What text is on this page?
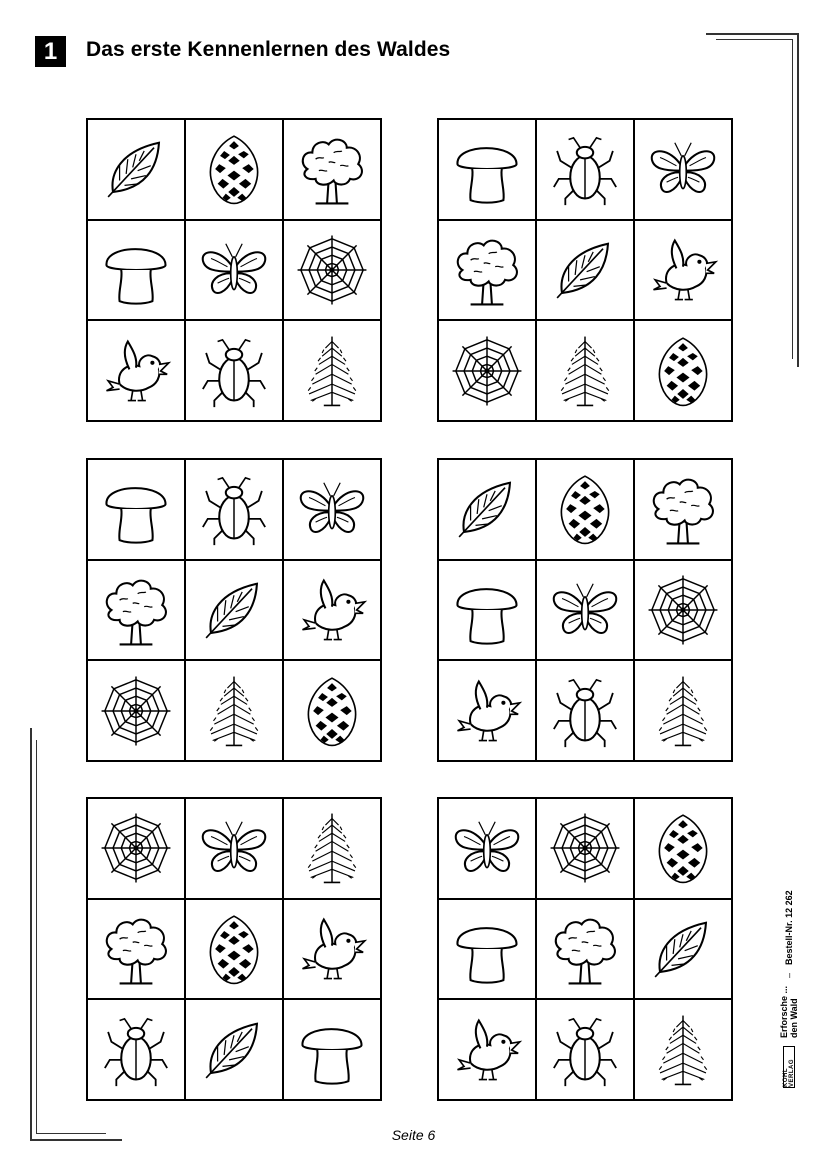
1	Das erste Kennenlernen des Waldes
Seite 6
KOHL VERLAG
Erforsche ... den Wald
–
Bestell-Nr. 12 262
